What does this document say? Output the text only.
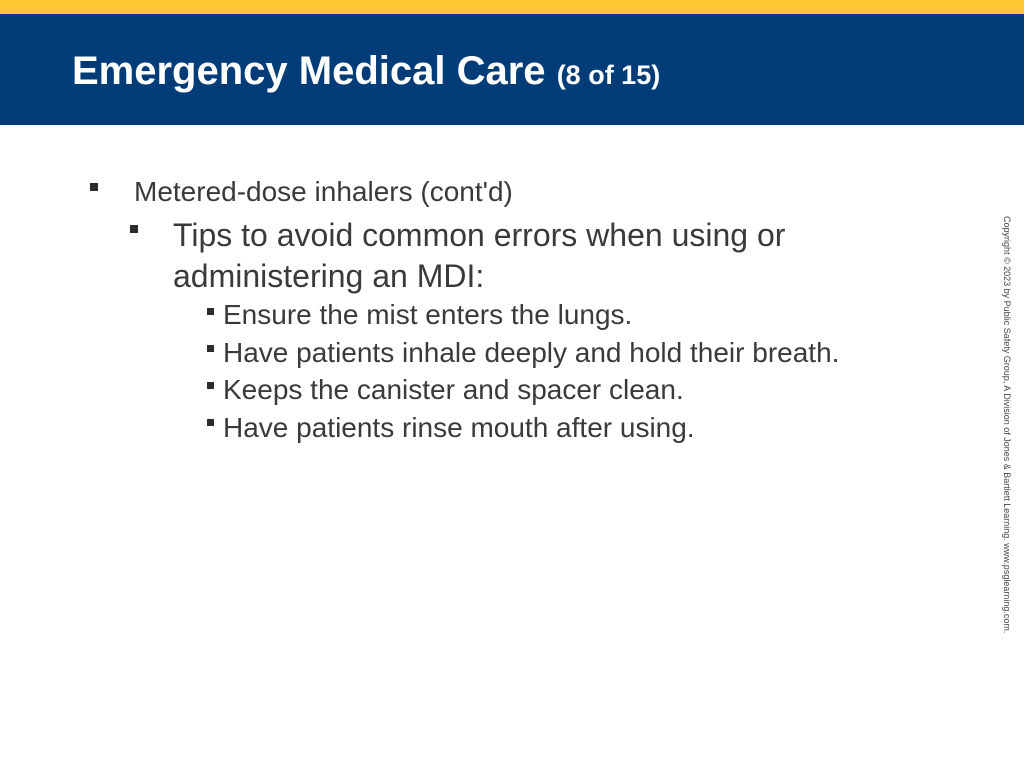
Emergency Medical Care (8 of 15)
Metered-dose inhalers (cont'd)
Tips to avoid common errors when using or
administering an MDI:
Ensure the mist enters the lungs.
Have patients inhale deeply and hold their breath.
Keeps the canister and spacer clean.
Have patients rinse mouth after using.	Copyright © 2023 by Public Safety Group, A Division of Jones & Bartlett Learning. www.psglearning.com.
